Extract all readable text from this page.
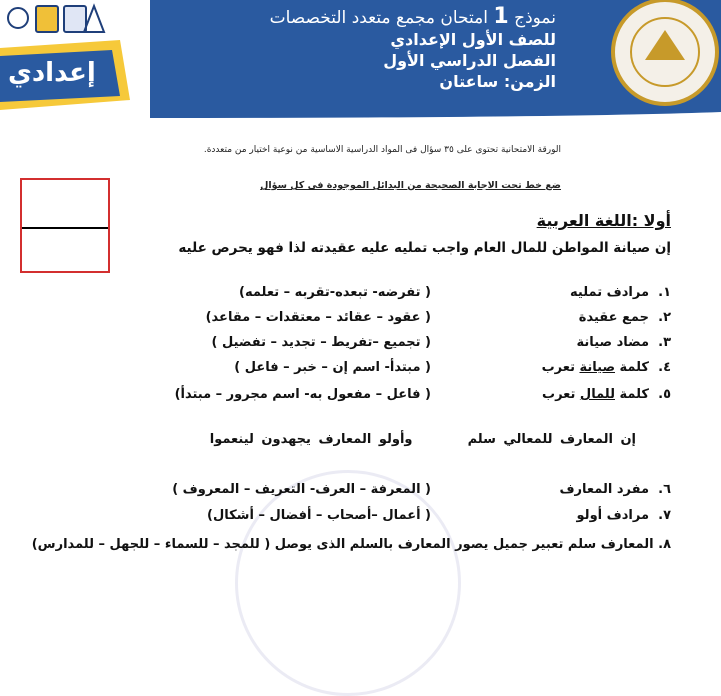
إعدادي
نموذج 1 امتحان مجمع متعدد التخصصات
للصف الأول الإعدادي
الفصل الدراسي الأول
الزمن: ساعتان
الورقة الامتحانية تحتوى على ٣٥ سؤال فى المواد الدراسية الاساسية من نوعية اختيار من متعددة.
ضع خط تحت الاجابة الصحيحة من البدائل الموجودة فى كل سؤال
أولا :اللغة العربية
إن صيانة المواطن للمال العام واجب تمليه عليه عقيدته لذا فهو يحرص عليه
١.
مرادف تمليه
( تفرضه- تبعده-تقربه – تعلمه)
٢.
جمع عقيدة
( عقود – عقائد – معتقدات – مقاعد)
٣.
مضاد صيانة
( تجميع –تفريط – تجديد – تفضيل )
٤.
كلمة صيانة تعرب
( مبتدأ- اسم إن – خبر – فاعل )
٥.
كلمة للمال تعرب
( فاعل – مفعول به- اسم مجرور – مبتدأ)
إن المعارف للمعالي سلم  وأولو المعارف يجهدون لينعموا
٦.
مفرد المعارف
( المعرفة – العرف- التعريف – المعروف )
٧.
مرادف أولو
( أعمال –أصحاب – أفضال – أشكال)
٨. المعارف سلم تعبير جميل يصور المعارف بالسلم الذى يوصل ( للمجد – للسماء – للجهل – للمدارس)
